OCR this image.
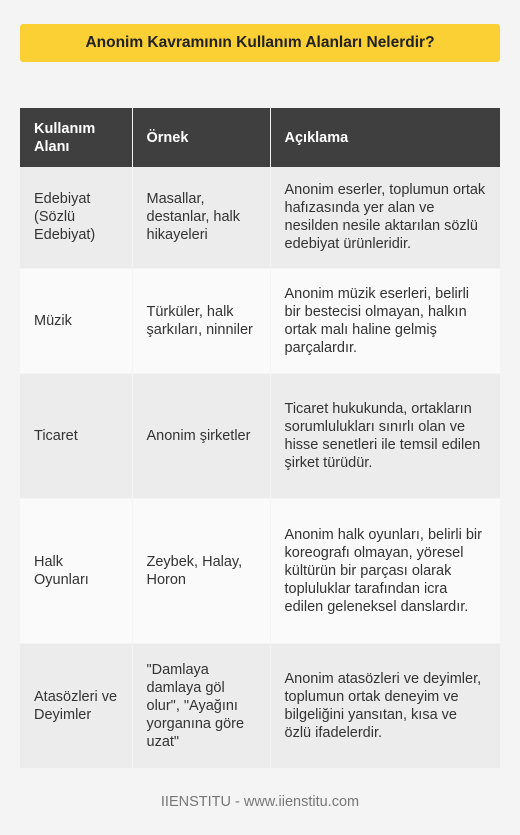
Anonim Kavramının Kullanım Alanları Nelerdir?
Kullanım Alanı	Örnek	Açıklama
Edebiyat (Sözlü Edebiyat)	Masallar, destanlar, halk hikayeleri	Anonim eserler, toplumun ortak hafızasında yer alan ve nesilden nesile aktarılan sözlü edebiyat ürünleridir.
Müzik	Türküler, halk şarkıları, ninniler	Anonim müzik eserleri, belirli bir bestecisi olmayan, halkın ortak malı haline gelmiş parçalardır.
Ticaret	Anonim şirketler	Ticaret hukukunda, ortakların sorumlulukları sınırlı olan ve hisse senetleri ile temsil edilen şirket türüdür.
Halk Oyunları	Zeybek, Halay, Horon	Anonim halk oyunları, belirli bir koreografı olmayan, yöresel kültürün bir parçası olarak topluluklar tarafından icra edilen geleneksel danslardır.
Atasözleri ve Deyimler	"Damlaya damlaya göl olur", "Ayağını yorganına göre uzat"	Anonim atasözleri ve deyimler, toplumun ortak deneyim ve bilgeliğini yansıtan, kısa ve özlü ifadelerdir.
IIENSTITU - www.iienstitu.com
